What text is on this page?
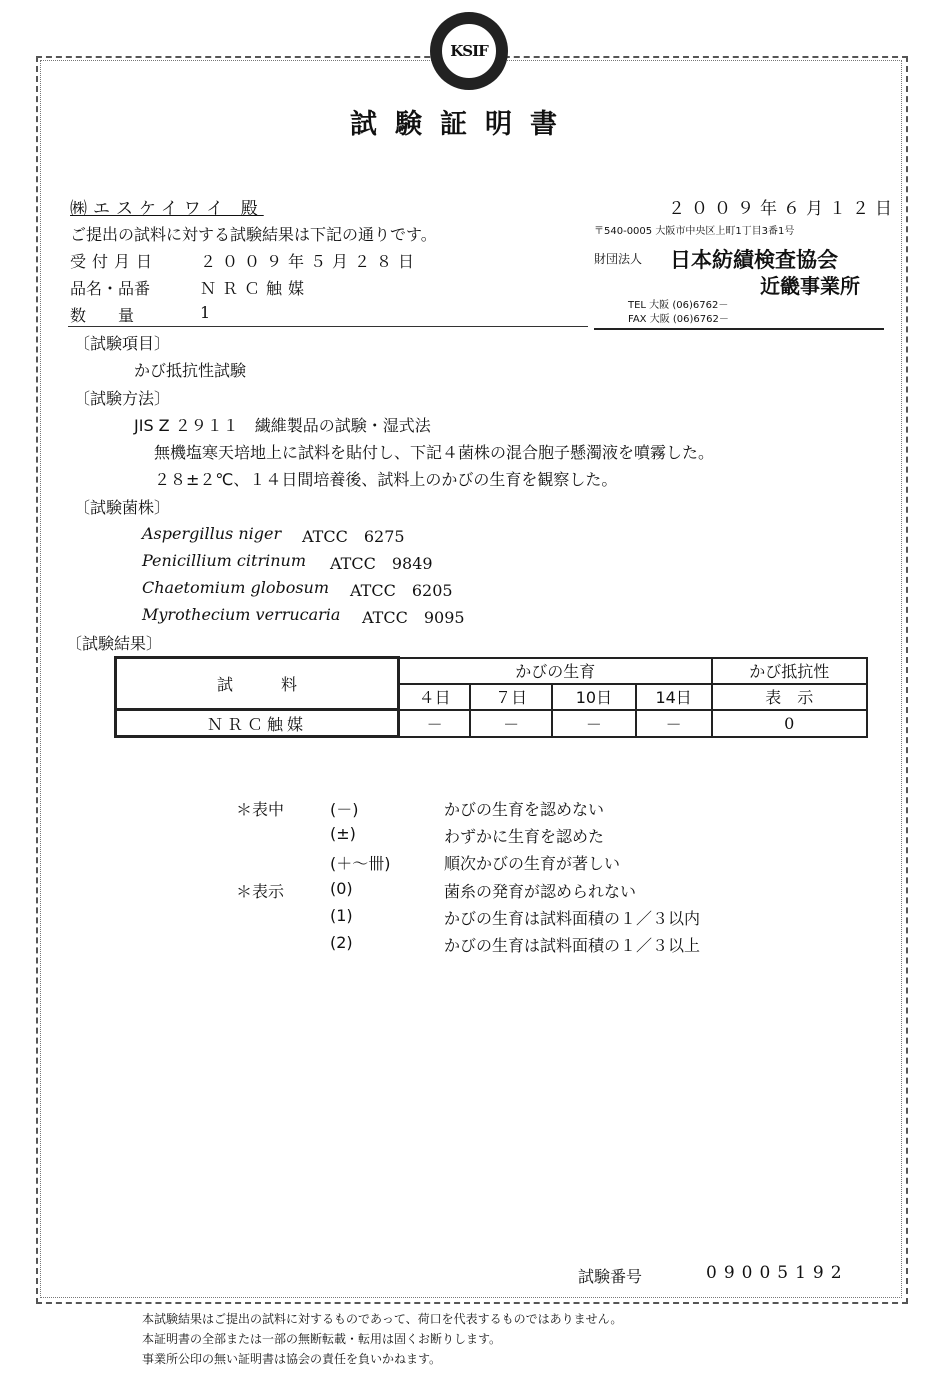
KSIF
試験証明書
㈱エスケイワイ 殿
ご提出の試料に対する試験結果は下記の通りです。
受付月日	２００９年５月２８日
品名・品番	ＮＲＣ触媒
数　　量	1
２００９年６月１２日
〒540-0005 大阪市中央区上町1丁目3番1号
財団法人 日本紡績検査協会
近畿事業所
TEL 大阪 (06)6762－
FAX 大阪 (06)6762－
〔試験項目〕
かび抵抗性試験
〔試験方法〕
JIS Z ２９１１　繊維製品の試験・湿式法
無機塩寒天培地上に試料を貼付し、下記４菌株の混合胞子懸濁液を噴霧した。
２８±２℃、１４日間培養後、試料上のかびの生育を観察した。
〔試験菌株〕
Aspergillus niger ATCC　6275
Penicillium citrinum ATCC　9849
Chaetomium globosum ATCC　6205
Myrothecium verrucaria ATCC　9095
〔試験結果〕
試　　　料	かびの生育				かび抵抗性
	４日	７日	10日	14日	表　示
ＮＲＣ触媒	－	－	－	－	0
＊表中	(－)	かびの生育を認めない
(±)	わずかに生育を認めた
(＋～卌)	順次かびの生育が著しい
＊表示	(0)	菌糸の発育が認められない
(1)	かびの生育は試料面積の１／３以内
(2)	かびの生育は試料面積の１／３以上
試験番号	09005192
本試験結果はご提出の試料に対するものであって、荷口を代表するものではありません。
本証明書の全部または一部の無断転載・転用は固くお断りします。
事業所公印の無い証明書は協会の責任を負いかねます。
